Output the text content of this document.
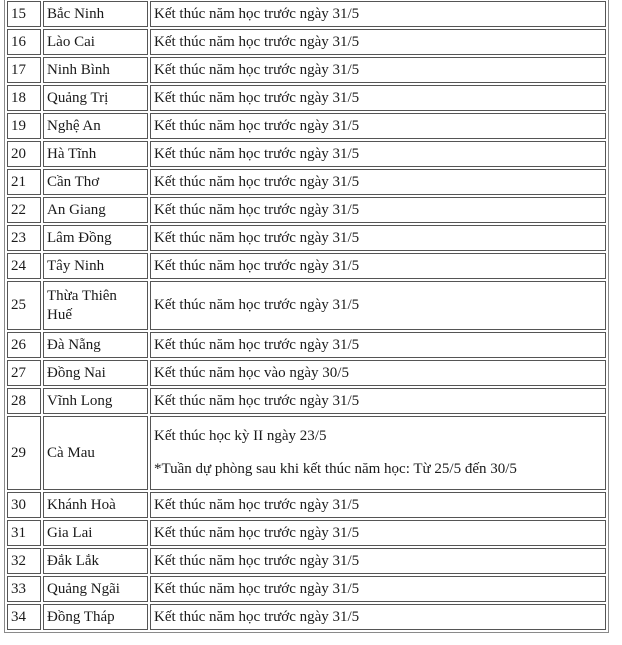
15	Bắc Ninh	Kết thúc năm học trước ngày 31/5
16	Lào Cai	Kết thúc năm học trước ngày 31/5
17	Ninh Bình	Kết thúc năm học trước ngày 31/5
18	Quảng Trị	Kết thúc năm học trước ngày 31/5
19	Nghệ An	Kết thúc năm học trước ngày 31/5
20	Hà Tĩnh	Kết thúc năm học trước ngày 31/5
21	Cần Thơ	Kết thúc năm học trước ngày 31/5
22	An Giang	Kết thúc năm học trước ngày 31/5
23	Lâm Đồng	Kết thúc năm học trước ngày 31/5
24	Tây Ninh	Kết thúc năm học trước ngày 31/5
25	Thừa Thiên Huế	Kết thúc năm học trước ngày 31/5
26	Đà Nẵng	Kết thúc năm học trước ngày 31/5
27	Đồng Nai	Kết thúc năm học vào ngày 30/5
28	Vĩnh Long	Kết thúc năm học trước ngày 31/5
29	Cà Mau	Kết thúc học kỳ II ngày 23/5
*Tuần dự phòng sau khi kết thúc năm học: Từ 25/5 đến 30/5

30	Khánh Hoà	Kết thúc năm học trước ngày 31/5
31	Gia Lai	Kết thúc năm học trước ngày 31/5
32	Đắk Lắk	Kết thúc năm học trước ngày 31/5
33	Quảng Ngãi	Kết thúc năm học trước ngày 31/5
34	Đồng Tháp	Kết thúc năm học trước ngày 31/5
